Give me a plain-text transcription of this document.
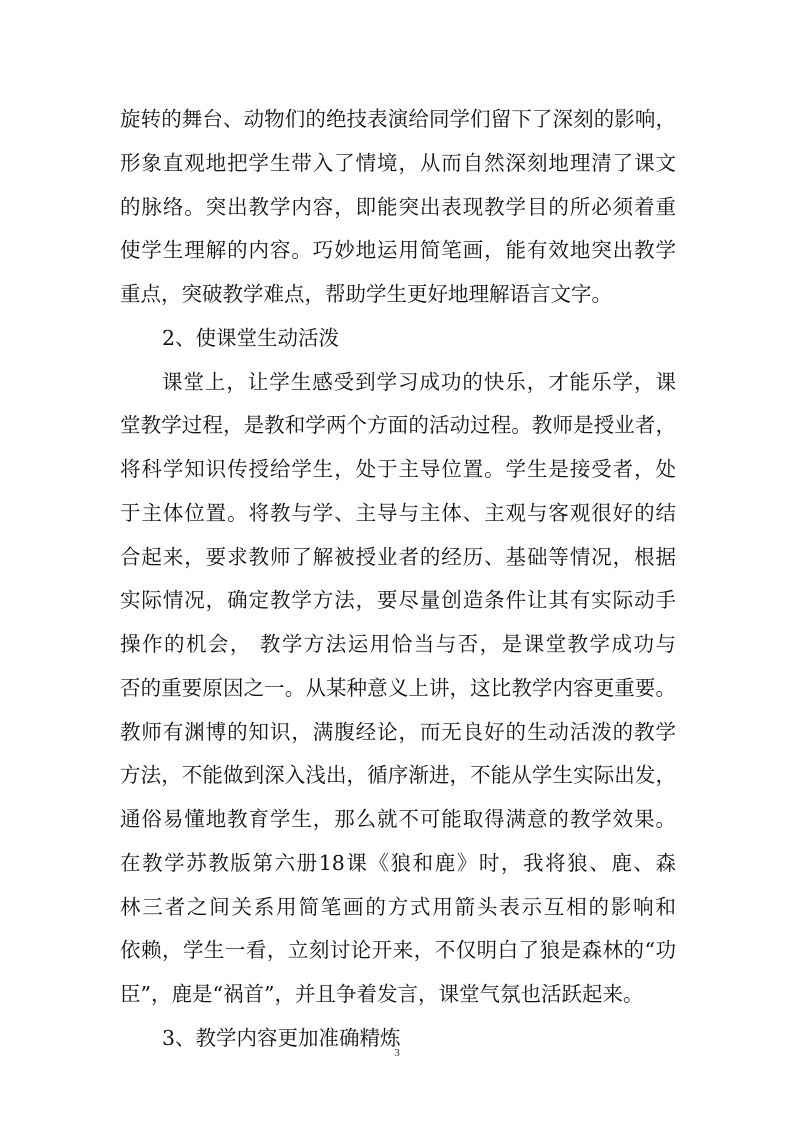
旋转的舞台、动物们的绝技表演给同学们留下了深刻的影响，
形象直观地把学生带入了情境，从而自然深刻地理清了课文
的脉络。突出教学内容，即能突出表现教学目的所必须着重
使学生理解的内容。巧妙地运用简笔画，能有效地突出教学
重点，突破教学难点，帮助学生更好地理解语言文字。
2、使课堂生动活泼
课堂上，让学生感受到学习成功的快乐，才能乐学，课
堂教学过程，是教和学两个方面的活动过程。教师是授业者，
将科学知识传授给学生，处于主导位置。学生是接受者，处
于主体位置。将教与学、主导与主体、主观与客观很好的结
合起来，要求教师了解被授业者的经历、基础等情况，根据
实际情况，确定教学方法，要尽量创造条件让其有实际动手
操作的机会， 教学方法运用恰当与否，是课堂教学成功与
否的重要原因之一。从某种意义上讲，这比教学内容更重要。
教师有渊博的知识，满腹经论，而无良好的生动活泼的教学
方法，不能做到深入浅出，循序渐进，不能从学生实际出发，
通俗易懂地教育学生，那么就不可能取得满意的教学效果。
在教学苏教版第六册18课《狼和鹿》时，我将狼、鹿、森
林三者之间关系用简笔画的方式用箭头表示互相的影响和
依赖，学生一看，立刻讨论开来，不仅明白了狼是森林的“功
臣”，鹿是“祸首”，并且争着发言，课堂气氛也活跃起来。
3、教学内容更加准确精炼
3
